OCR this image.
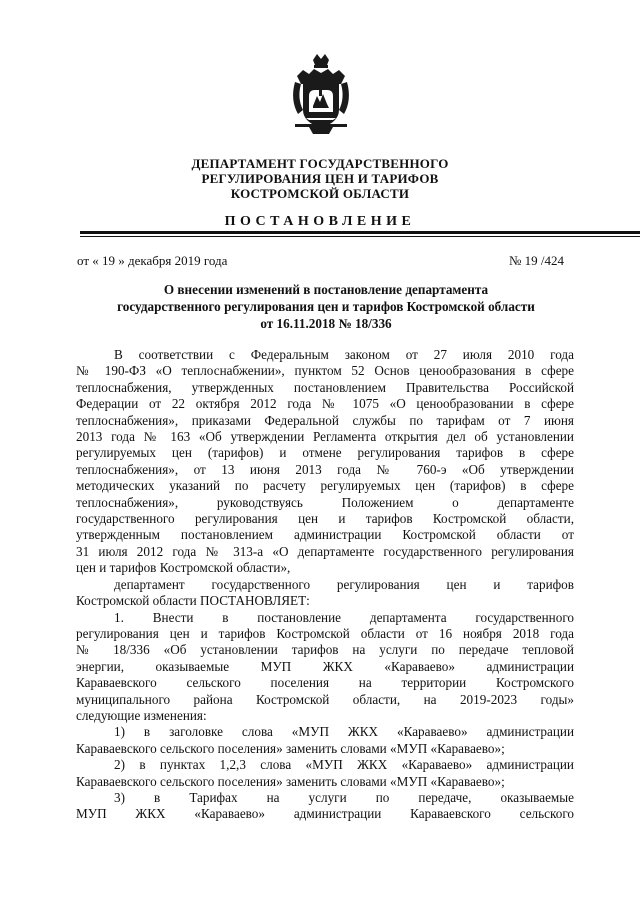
ДЕПАРТАМЕНТ ГОСУДАРСТВЕННОГО
РЕГУЛИРОВАНИЯ ЦЕН И ТАРИФОВ
КОСТРОМСКОЙ ОБЛАСТИ
ПОСТАНОВЛЕНИЕ
от « 19 » декабря 2019 года	№ 19 /424
О внесении изменений в постановление департамента
государственного регулирования цен и тарифов Костромской области
от 16.11.2018 № 18/336

В соответствии с Федеральным законом от 27 июля 2010 года

№ 190-ФЗ «О теплоснабжении», пунктом 52 Основ ценообразования в сфере

теплоснабжения, утвержденных постановлением Правительства Российской

Федерации от 22 октября 2012 года № 1075 «О ценообразовании в сфере

теплоснабжения», приказами Федеральной службы по тарифам от 7 июня

2013 года № 163 «Об утверждении Регламента открытия дел об установлении

регулируемых цен (тарифов) и отмене регулирования тарифов в сфере

теплоснабжения», от 13 июня 2013 года № 760-э «Об утверждении

методических указаний по расчету регулируемых цен (тарифов) в сфере

теплоснабжения», руководствуясь Положением о департаменте

государственного регулирования цен и тарифов Костромской области,

утвержденным постановлением администрации Костромской области от

31 июля 2012 года № 313-а «О департаменте государственного регулирования

цен и тарифов Костромской области»,

департамент государственного регулирования цен и тарифов

Костромской области ПОСТАНОВЛЯЕТ:

1. Внести в постановление департамента государственного

регулирования цен и тарифов Костромской области от 16 ноября 2018 года

№ 18/336 «Об установлении тарифов на услуги по передаче тепловой

энергии, оказываемые МУП ЖКХ «Караваево» администрации

Караваевского сельского поселения на территории Костромского

муниципального района Костромской области, на 2019-2023 годы»

следующие изменения:

1) в заголовке слова «МУП ЖКХ «Караваево» администрации

Караваевского сельского поселения» заменить словами «МУП «Караваево»;

2) в пунктах 1,2,3 слова «МУП ЖКХ «Караваево» администрации

Караваевского сельского поселения» заменить словами «МУП «Караваево»;

3) в Тарифах на услуги по передаче, оказываемые

МУП ЖКХ «Караваево» администрации Караваевского сельского
